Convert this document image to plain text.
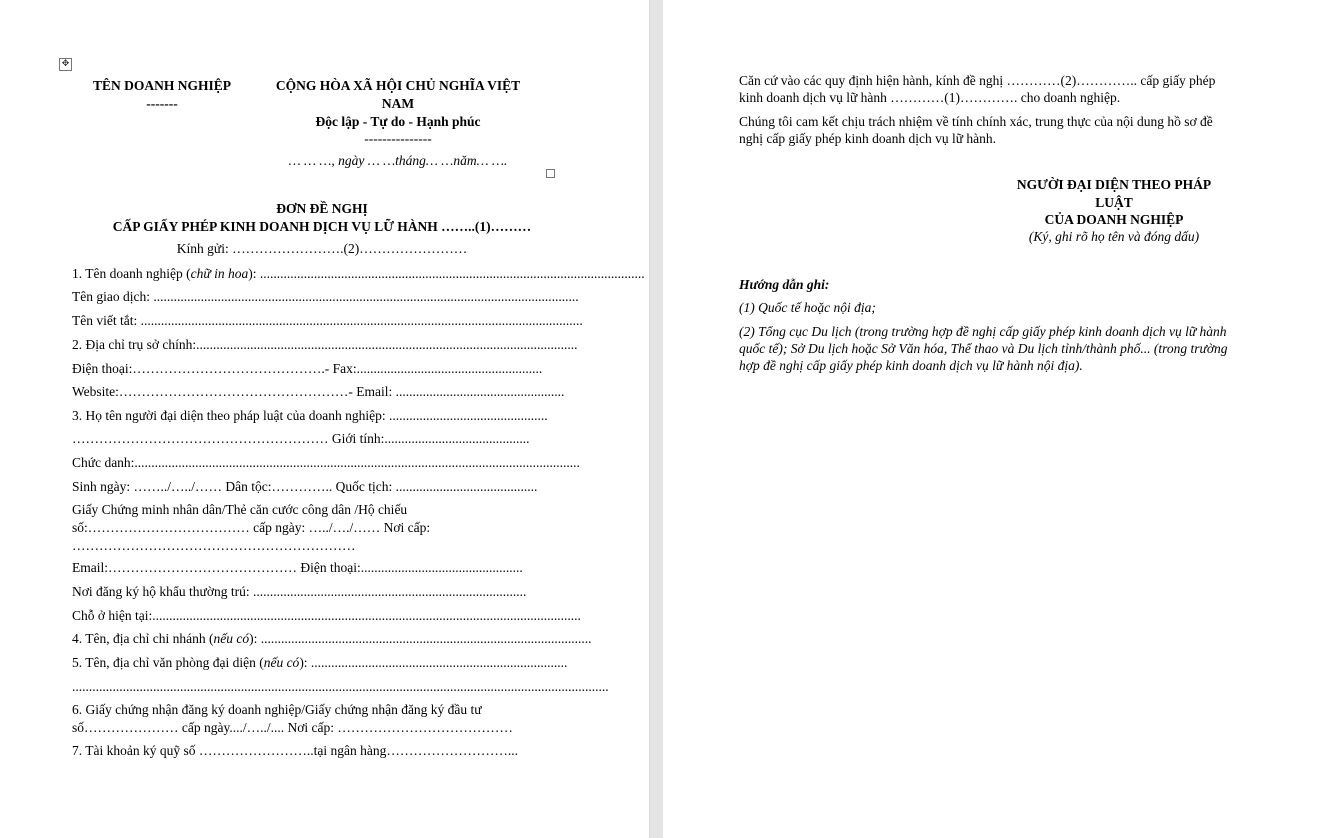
✥
TÊN DOANH NGHIỆP
-------
CỘNG HÒA XÃ HỘI CHỦ NGHĨA VIỆT
NAM
Độc lập - Tự do - Hạnh phúc
---------------
… … …, ngày … …tháng… …năm… ….
ĐƠN ĐỀ NGHỊ
CẤP GIẤY PHÉP KINH DOANH DỊCH VỤ LỮ HÀNH ……..(1)………
Kính gửi: …………………….(2)……………………
1. Tên doanh nghiệp (chữ in hoa): ..................................................................................................................
Tên giao dịch: ..............................................................................................................................
Tên viết tắt: ...................................................................................................................................
2. Địa chỉ trụ sở chính:.................................................................................................................
Điện thoại:…………………………………….- Fax:.......................................................
Website:……………………………………………- Email: ..................................................
3. Họ tên người đại diện theo pháp luật của doanh nghiệp: ...............................................
………………………………………………… Giới tính:...........................................
Chức danh:....................................................................................................................................
Sinh ngày: ……../…../…… Dân tộc:………….. Quốc tịch: ..........................................
Giấy Chứng minh nhân dân/Thẻ căn cước công dân /Hộ chiếu
số:……………………………… cấp ngày: …../…./…… Nơi cấp:
………………………………………………………
Email:…………………………………… Điện thoại:................................................
Nơi đăng ký hộ khẩu thường trú: .................................................................................
Chỗ ở hiện tại:...............................................................................................................................
4. Tên, địa chỉ chi nhánh (nếu có): ..................................................................................................
5. Tên, địa chỉ văn phòng đại diện (nếu có): ............................................................................
...............................................................................................................................................................
6. Giấy chứng nhận đăng ký doanh nghiệp/Giấy chứng nhận đăng ký đầu tư
số………………… cấp ngày..../…../.... Nơi cấp: …………………………………
7. Tài khoản ký quỹ số ……………………..tại ngân hàng………………………...
Căn cứ vào các quy định hiện hành, kính đề nghị …………(2)………….. cấp giấy phép kinh doanh dịch vụ lữ hành …………(1)…………. cho doanh nghiệp.
Chúng tôi cam kết chịu trách nhiệm về tính chính xác, trung thực của nội dung hồ sơ đề nghị cấp giấy phép kinh doanh dịch vụ lữ hành.
NGƯỜI ĐẠI DIỆN THEO PHÁP
LUẬT
CỦA DOANH NGHIỆP
(Ký, ghi rõ họ tên và đóng dấu)
Hướng dẫn ghi:
(1) Quốc tế hoặc nội địa;
(2) Tổng cục Du lịch (trong trường hợp đề nghị cấp giấy phép kinh doanh dịch vụ lữ hành quốc tế); Sở Du lịch hoặc Sở Văn hóa, Thể thao và Du lịch tỉnh/thành phố... (trong trường hợp đề nghị cấp giấy phép kinh doanh dịch vụ lữ hành nội địa).
